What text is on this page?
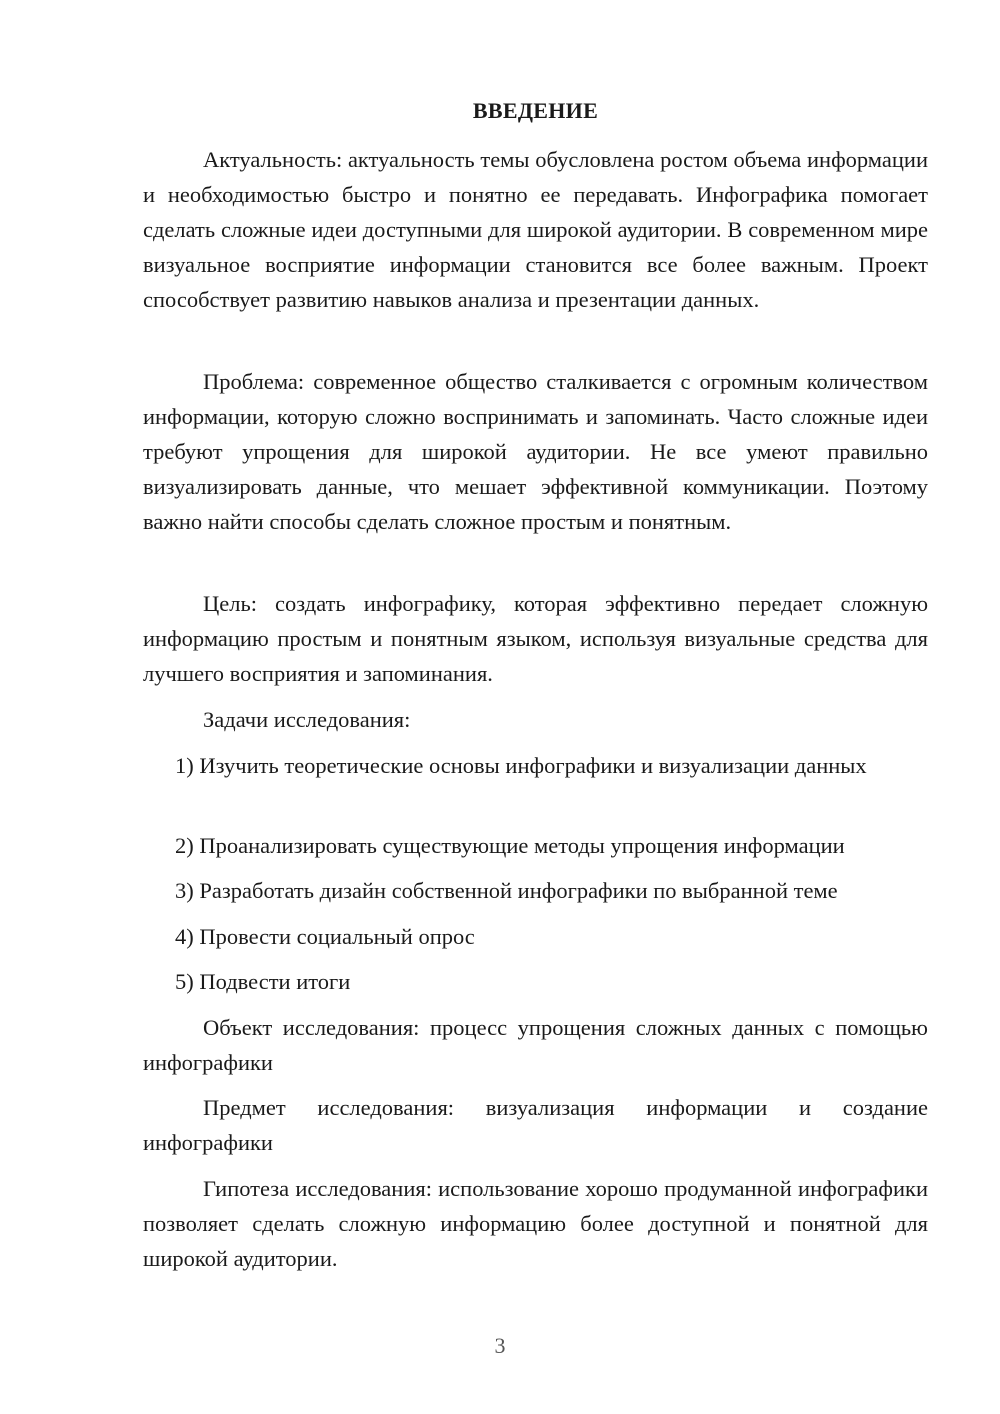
ВВЕДЕНИЕ

Актуальность: актуальность темы обусловлена ростом объема информации и необходимостью быстро и понятно ее передавать. Инфографика помогает сделать сложные идеи доступными для широкой аудитории. В современном мире визуальное восприятие информации становится все более важным. Проект способствует развитию навыков анализа и презентации данных.

Проблема: современное общество сталкивается с огромным количеством информации, которую сложно воспринимать и запоминать. Часто сложные идеи требуют упрощения для широкой аудитории. Не все умеют правильно визуализировать данные, что мешает эффективной коммуникации. Поэтому важно найти способы сделать сложное простым и понятным.

Цель: создать инфографику, которая эффективно передает сложную информацию простым и понятным языком, используя визуальные средства для лучшего восприятия и запоминания.

Задачи исследования:

1) Изучить теоретические основы инфографики и визуализации данных

2) Проанализировать существующие методы упрощения информации

3) Разработать дизайн собственной инфографики по выбранной теме

4) Провести социальный опрос

5) Подвести итоги

Объект исследования: процесс упрощения сложных данных с помощью инфографики

Предмет исследования: визуализация информации и создание инфографики

Гипотеза исследования: использование хорошо продуманной инфографики позволяет сделать сложную информацию более доступной и понятной для широкой аудитории.

3
